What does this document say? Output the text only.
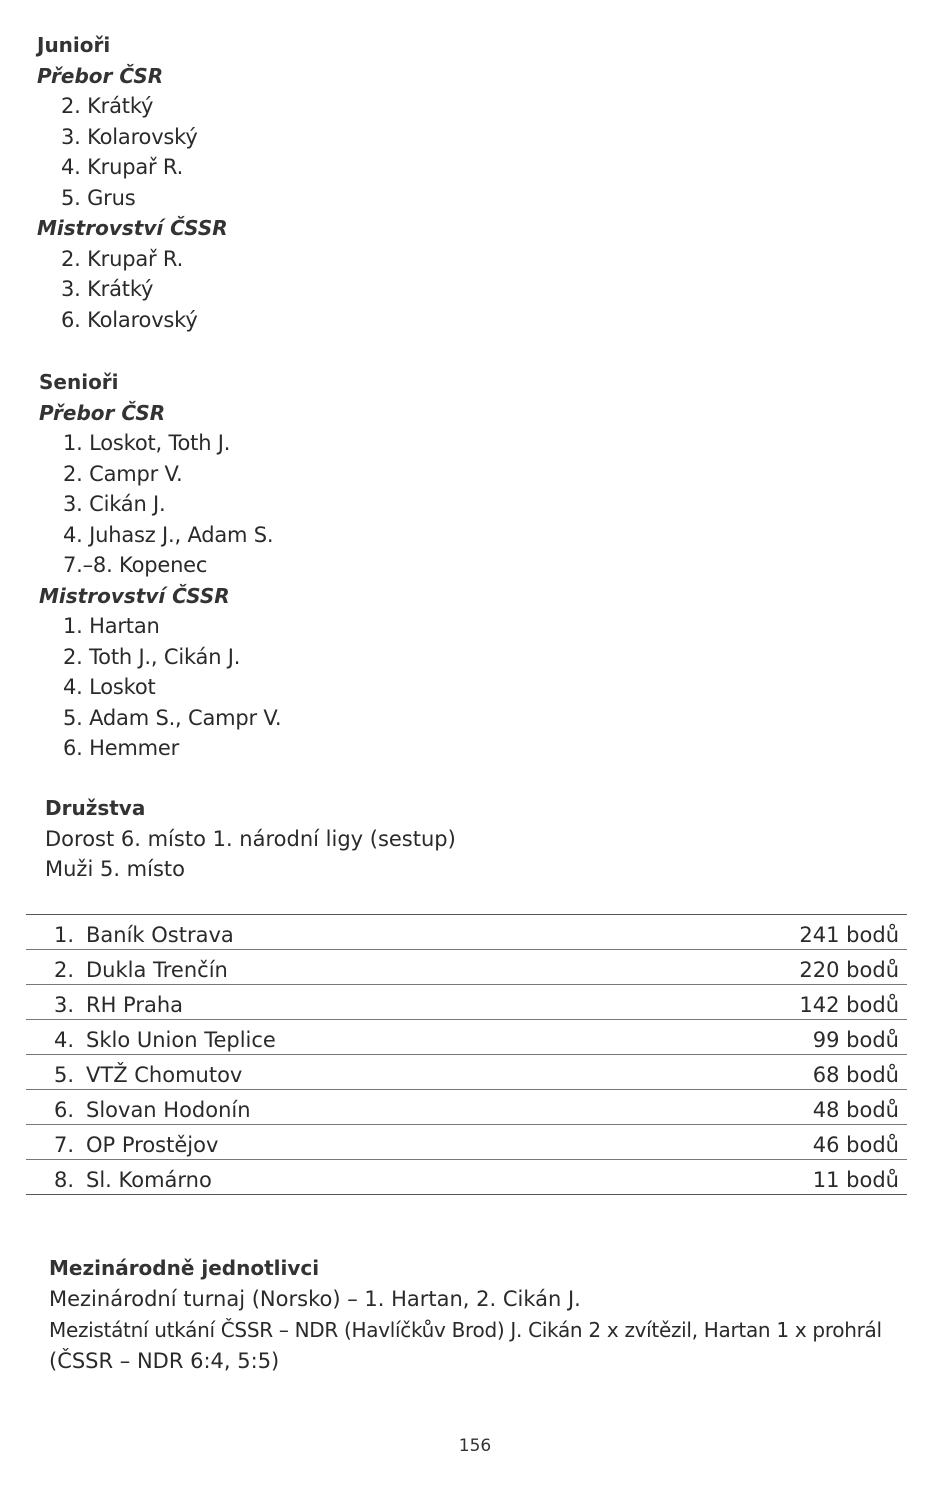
Junioři
Přebor ČSR
2. Krátký
3. Kolarovský
4. Krupař R.
5. Grus
Mistrovství ČSSR
2. Krupař R.
3. Krátký
6. Kolarovský
Senioři
Přebor ČSR
1. Loskot, Toth J.
2. Campr V.
3. Cikán J.
4. Juhasz J., Adam S.
7.–8. Kopenec
Mistrovství ČSSR
1. Hartan
2. Toth J., Cikán J.
4. Loskot
5. Adam S., Campr V.
6. Hemmer
Družstva
Dorost 6. místo 1. národní ligy (sestup)
Muži 5. místo
1. Baník Ostrava	241 bodů
2. Dukla Trenčín	220 bodů
3. RH Praha	142 bodů
4. Sklo Union Teplice	99 bodů
5. VTŽ Chomutov	68 bodů
6. Slovan Hodonín	48 bodů
7. OP Prostějov	46 bodů
8. Sl. Komárno	11 bodů
Mezinárodně jednotlivci
Mezinárodní turnaj (Norsko) – 1. Hartan, 2. Cikán J.
Mezistátní utkání ČSSR – NDR (Havlíčkův Brod) J. Cikán 2 x zvítězil, Hartan 1 x prohrál
(ČSSR – NDR 6:4, 5:5)
156
